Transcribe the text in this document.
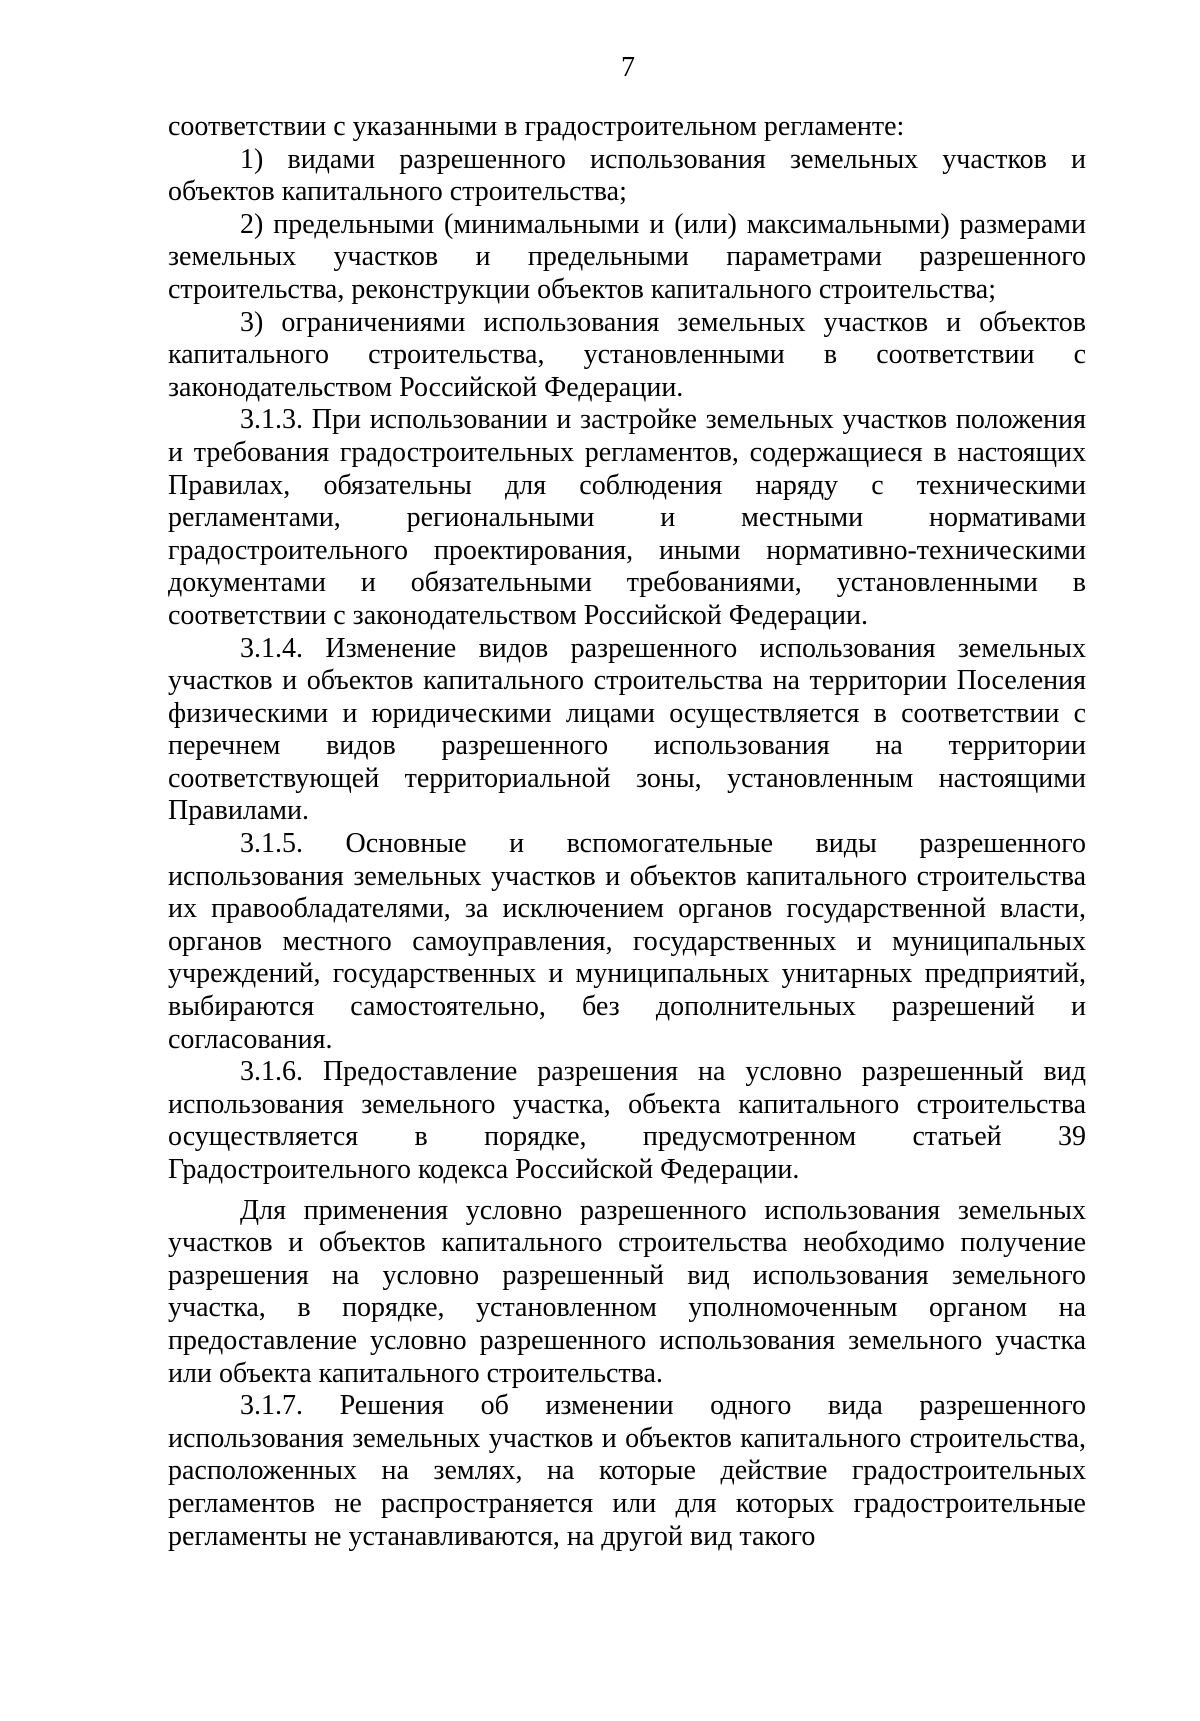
7

соответствии с указанными в градостроительном регламенте:

1) видами разрешенного использования земельных участков и объектов капитального строительства;

2) предельными (минимальными и (или) максимальными) размерами земельных участков и предельными параметрами разрешенного строительства, реконструкции объектов капитального строительства;

3) ограничениями использования земельных участков и объектов капитального строительства, установленными в соответствии с законодательством Российской Федерации.

3.1.3. При использовании и застройке земельных участков положения и требования градостроительных регламентов, содержащиеся в настоящих Правилах, обязательны для соблюдения наряду с техническими регламентами, региональными и местными нормативами градостроительного проектирования, иными нормативно-техническими документами и обязательными требованиями, установленными в соответствии с законодательством Российской Федерации.

3.1.4. Изменение видов разрешенного использования земельных участков и объектов капитального строительства на территории Поселения физическими и юридическими лицами осуществляется в соответствии с перечнем видов разрешенного использования на территории соответствующей территориальной зоны, установленным настоящими Правилами.

3.1.5. Основные и вспомогательные виды разрешенного использования земельных участков и объектов капитального строительства их правообладателями, за исключением органов государственной власти, органов местного самоуправления, государственных и муниципальных учреждений, государственных и муниципальных унитарных предприятий, выбираются самостоятельно, без дополнительных разрешений и согласования.

3.1.6. Предоставление разрешения на условно разрешенный вид использования земельного участка, объекта капитального строительства осуществляется в порядке, предусмотренном статьей 39 Градостроительного кодекса Российской Федерации.

Для применения условно разрешенного использования земельных участков и объектов капитального строительства необходимо получение разрешения на условно разрешенный вид использования земельного участка, в порядке, установленном уполномоченным органом на предоставление условно разрешенного использования земельного участка или объекта капитального строительства.

3.1.7. Решения об изменении одного вида разрешенного использования земельных участков и объектов капитального строительства, расположенных на землях, на которые действие градостроительных регламентов не распространяется или для которых градостроительные регламенты не устанавливаются, на другой вид такого
